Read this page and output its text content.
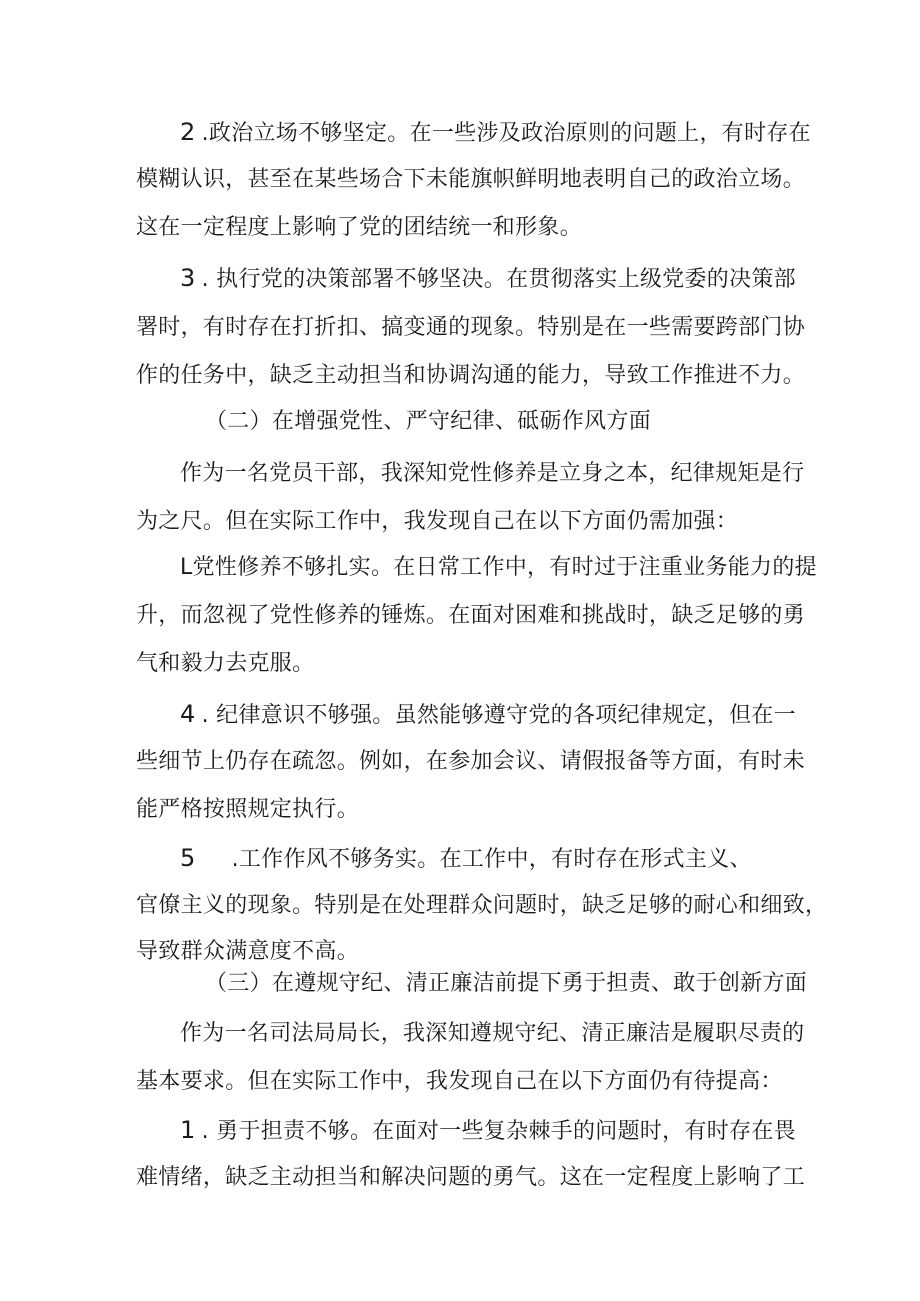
2 .政治立场不够坚定。在一些涉及政治原则的问题上，有时存在
模糊认识，甚至在某些场合下未能旗帜鲜明地表明自己的政治立场。
这在一定程度上影响了党的团结统一和形象。
3 . 执行党的决策部署不够坚决。在贯彻落实上级党委的决策部
署时，有时存在打折扣、搞变通的现象。特别是在一些需要跨部门协
作的任务中，缺乏主动担当和协调沟通的能力，导致工作推进不力。
（二）在增强党性、严守纪律、砥砺作风方面
作为一名党员干部，我深知党性修养是立身之本，纪律规矩是行
为之尺。但在实际工作中，我发现自己在以下方面仍需加强：
L党性修养不够扎实。在日常工作中，有时过于注重业务能力的提
升，而忽视了党性修养的锤炼。在面对困难和挑战时，缺乏足够的勇
气和毅力去克服。
4 . 纪律意识不够强。虽然能够遵守党的各项纪律规定，但在一
些细节上仍存在疏忽。例如，在参加会议、请假报备等方面，有时未
能严格按照规定执行。
5 .工作作风不够务实。在工作中，有时存在形式主义、
官僚主义的现象。特别是在处理群众问题时，缺乏足够的耐心和细致，
导致群众满意度不高。
（三）在遵规守纪、清正廉洁前提下勇于担责、敢于创新方面
作为一名司法局局长，我深知遵规守纪、清正廉洁是履职尽责的
基本要求。但在实际工作中，我发现自己在以下方面仍有待提高：
1 . 勇于担责不够。在面对一些复杂棘手的问题时，有时存在畏
难情绪，缺乏主动担当和解决问题的勇气。这在一定程度上影响了工
